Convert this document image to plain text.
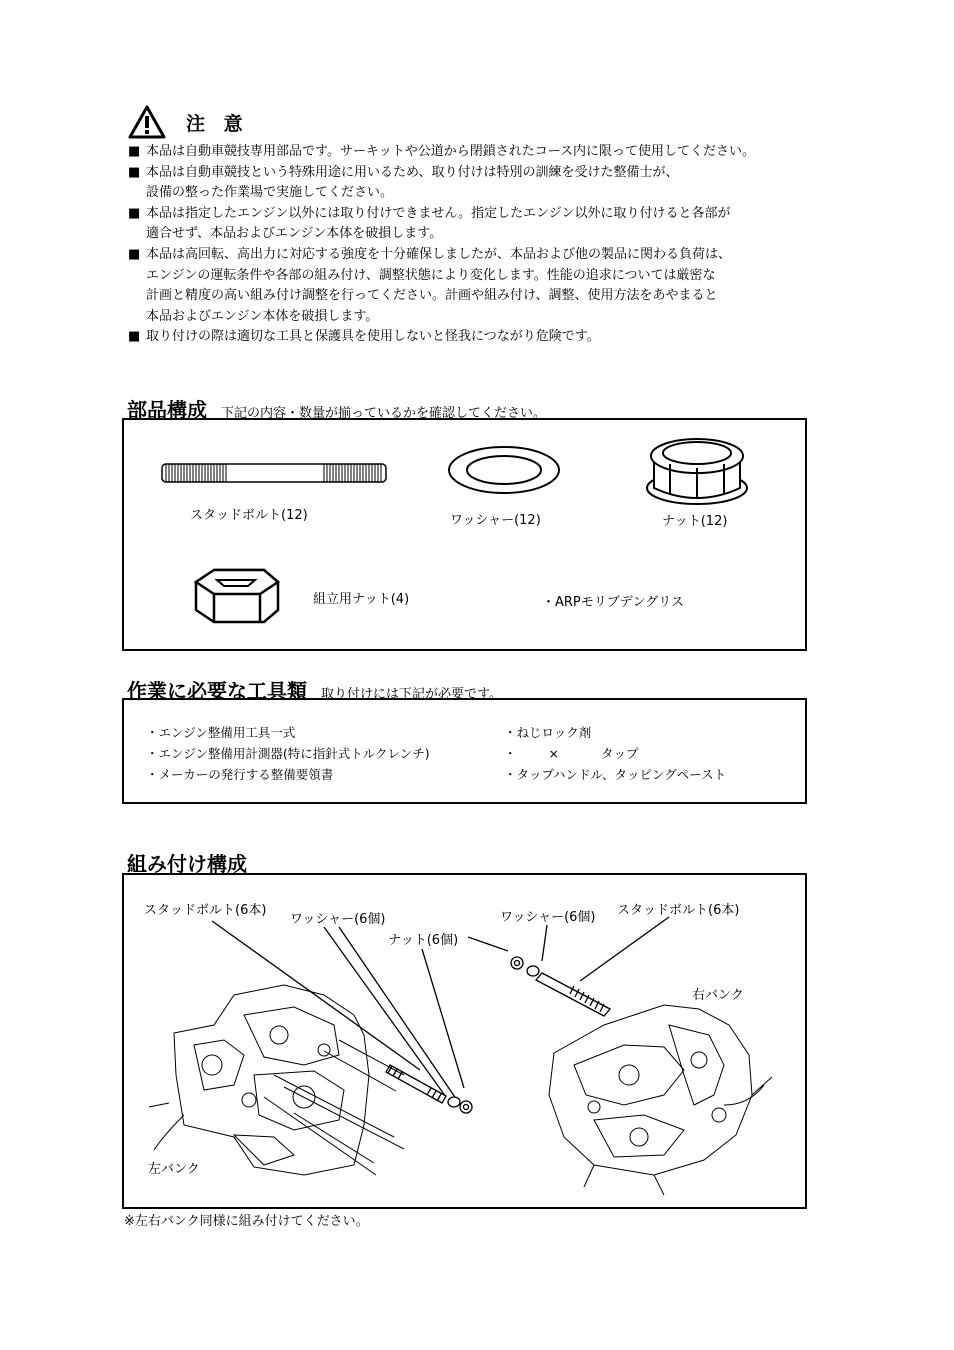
注 意
■ 本品は自動車競技専用部品です。サーキットや公道から閉鎖されたコース内に限って使用してください。
■ 本品は自動車競技という特殊用途に用いるため、取り付けは特別の訓練を受けた整備士が、
設備の整った作業場で実施してください。
■ 本品は指定したエンジン以外には取り付けできません。指定したエンジン以外に取り付けると各部が
適合せず、本品およびエンジン本体を破損します。
■ 本品は高回転、高出力に対応する強度を十分確保しましたが、本品および他の製品に関わる負荷は、
エンジンの運転条件や各部の組み付け、調整状態により変化します。性能の追求については厳密な
計画と精度の高い組み付け調整を行ってください。計画や組み付け、調整、使用方法をあやまると
本品およびエンジン本体を破損します。
■ 取り付けの際は適切な工具と保護具を使用しないと怪我につながり危険です。
部品構成 下記の内容・数量が揃っているかを確認してください。
スタッドボルト(12)	ワッシャー(12)	ナット(12)
組立用ナット(4)	・ARPモリブデングリス
作業に必要な工具類 取り付けには下記が必要です。
・エンジン整備用工具一式
・エンジン整備用計測器(特に指針式トルクレンチ)
・メーカーの発行する整備要領書
・ねじロック剤
・	×	タップ
・タップハンドル、タッピングペースト
組み付け構成
スタッドボルト(6本)
ワッシャー(6個)
ナット(6個)
ワッシャー(6個) スタッドボルト(6本)
右バンク
左バンク
※左右バンク同様に組み付けてください。
